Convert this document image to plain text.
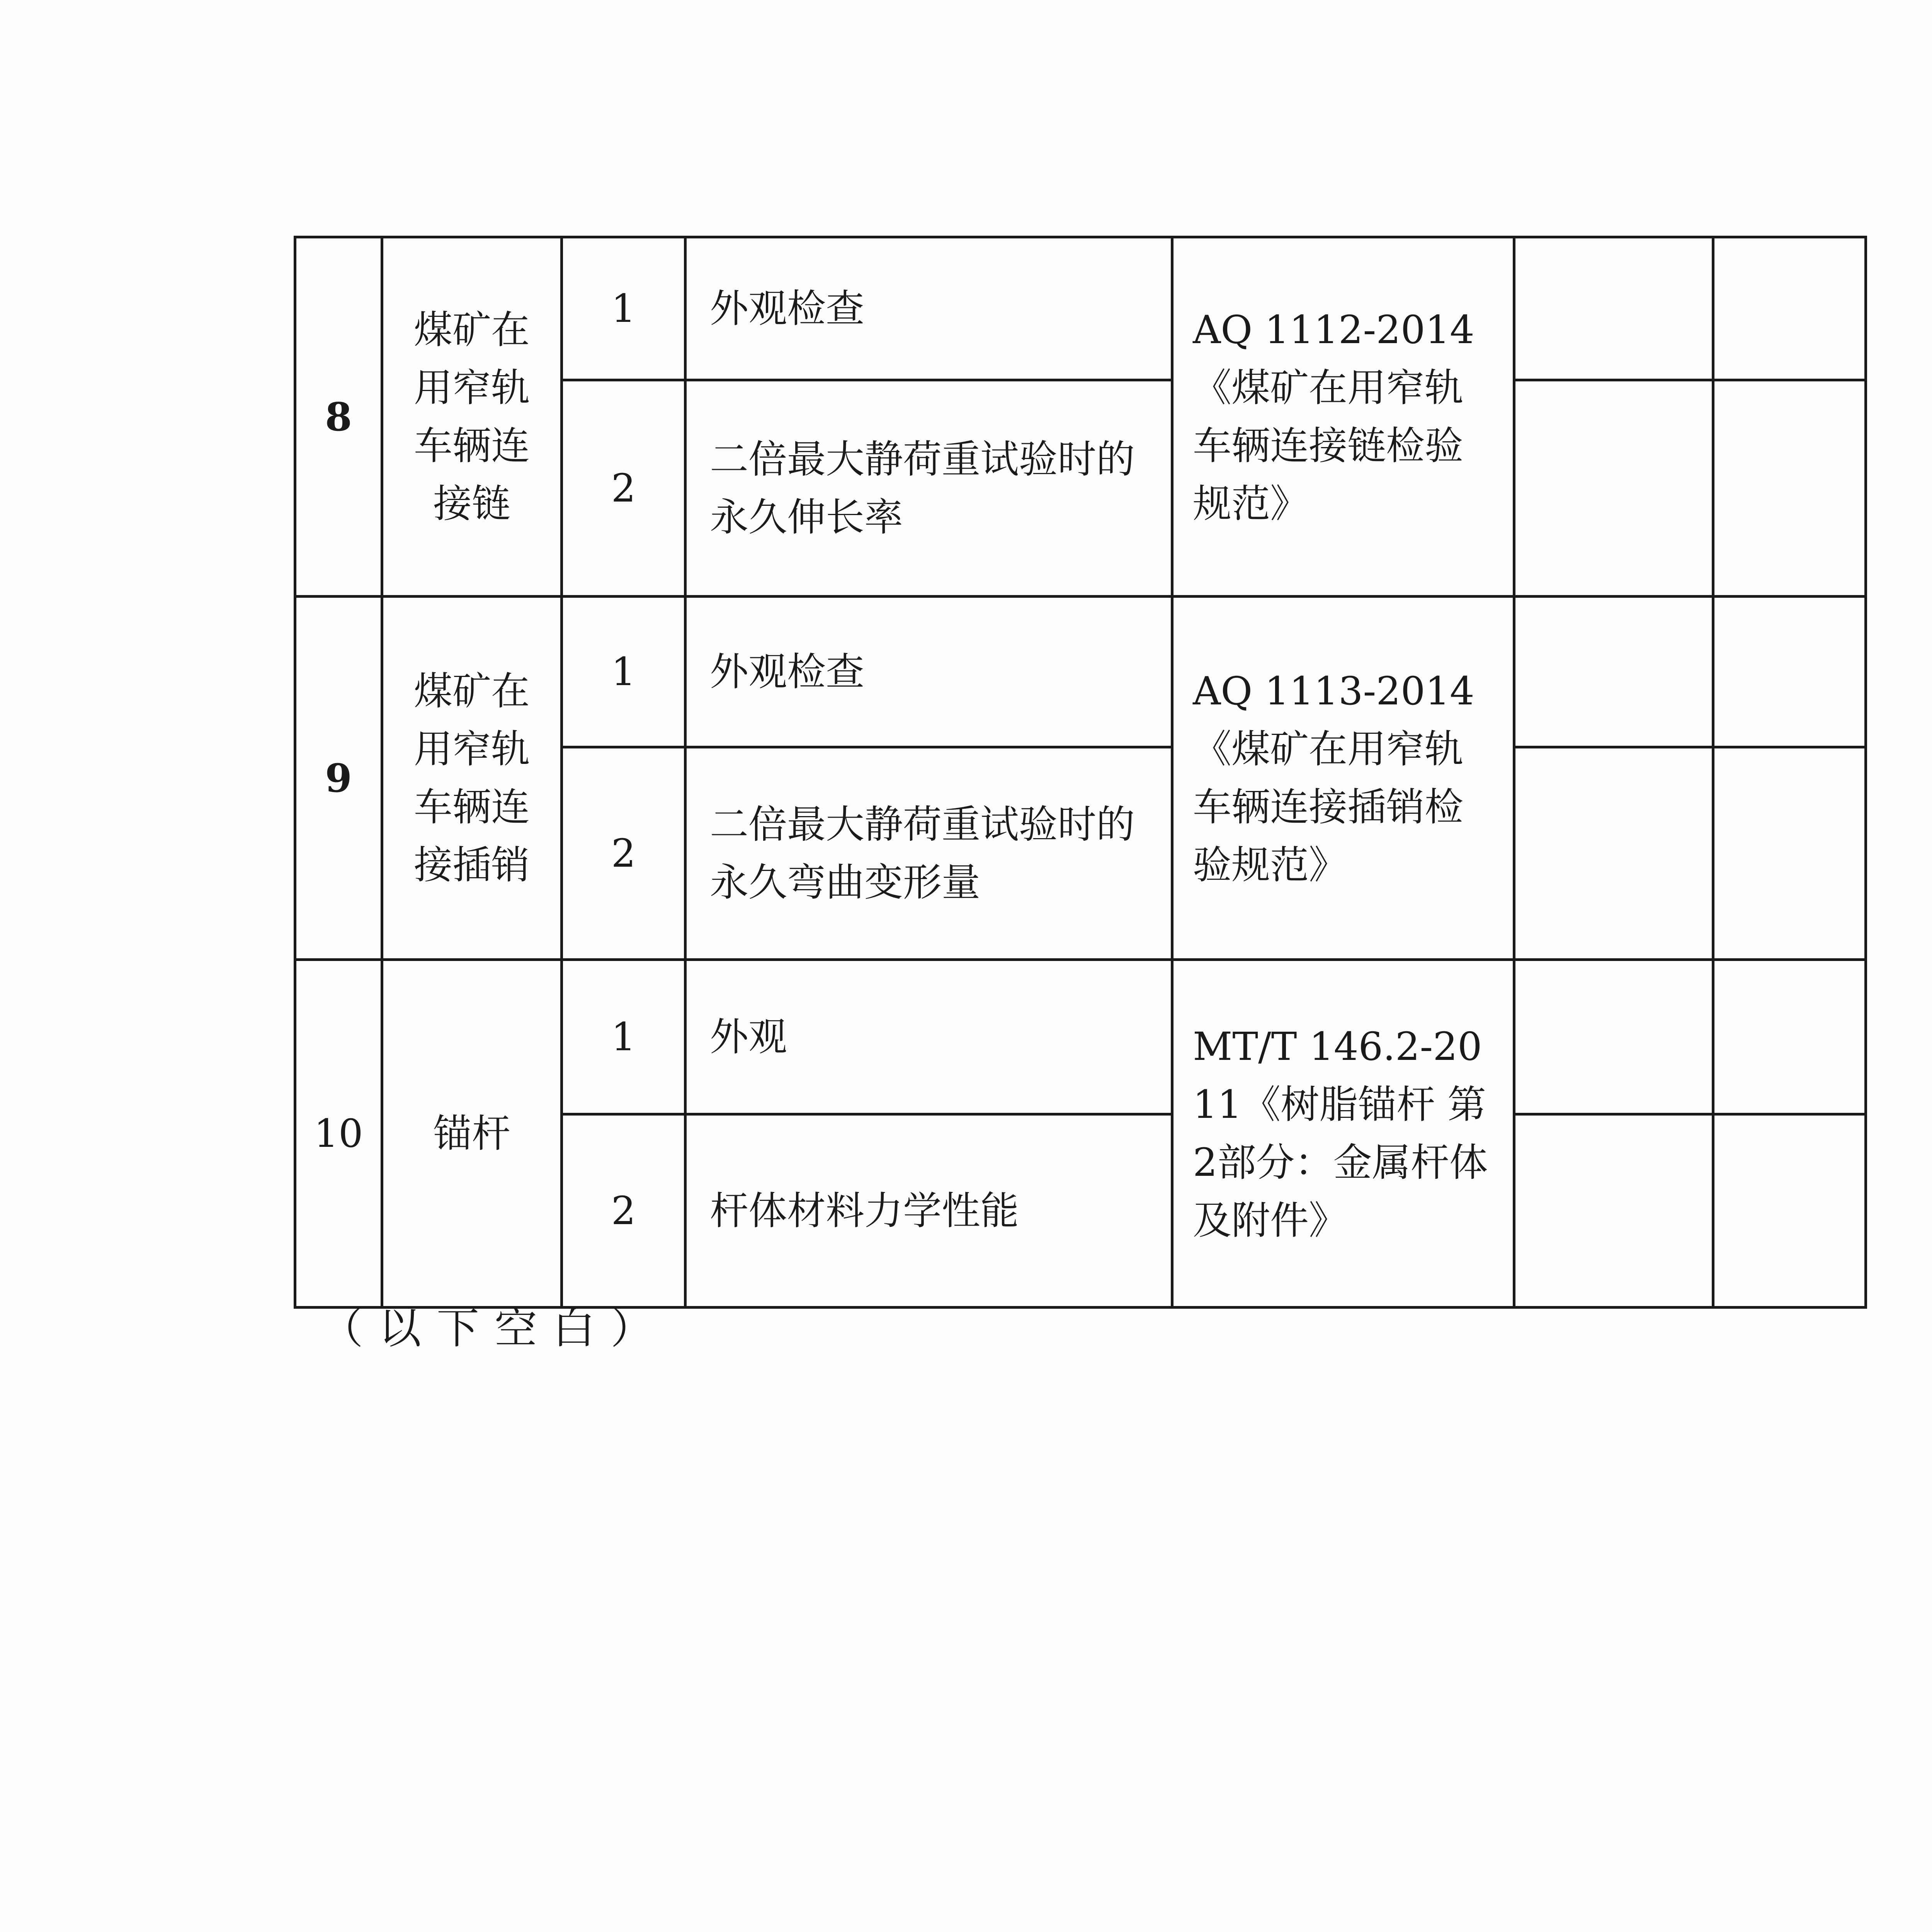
8	煤矿在用窄轨车辆连接链	1	外观检查	AQ 1112-2014《煤矿在用窄轨车辆连接链检验规范》		
		2	二倍最大静荷重试验时的永久伸长率			
9	煤矿在用窄轨车辆连接插销	1	外观检查	AQ 1113-2014《煤矿在用窄轨车辆连接插销检验规范》		
		2	二倍最大静荷重试验时的永久弯曲变形量			
10	锚杆	1	外观	MT/T 146.2-2011《树脂锚杆 第2部分：金属杆体及附件》		
		2	杆体材料力学性能			
（以下空白）
